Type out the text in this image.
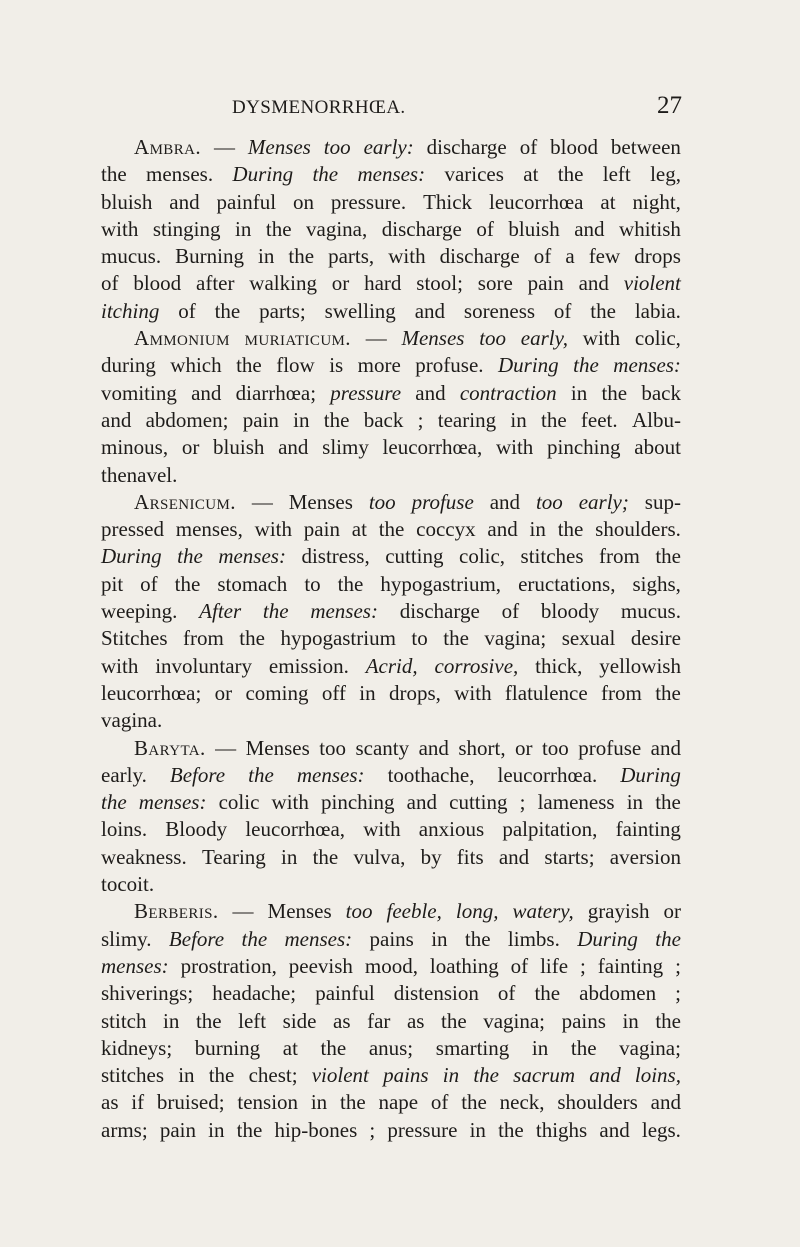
DYSMENORRHŒA.	27
Ambra. — Menses too early: discharge of blood between
the menses. During the menses: varices at the left leg,
bluish and painful on pressure. Thick leucorrhœa at night,
with stinging in the vagina, discharge of bluish and whitish
mucus. Burning in the parts, with discharge of a few drops
of blood after walking or hard stool; sore pain and violent
itching of the parts; swelling and soreness of the labia.
Ammonium muriaticum. — Menses too early, with colic,
during which the flow is more profuse. During the menses:
vomiting and diarrhœa; pressure and contraction in the back
and abdomen; pain in the back ; tearing in the feet. Albu-
minous, or bluish and slimy leucorrhœa, with pinching about
the navel.
Arsenicum. — Menses too profuse and too early; sup-
pressed menses, with pain at the coccyx and in the shoulders.
During the menses: distress, cutting colic, stitches from the
pit of the stomach to the hypogastrium, eructations, sighs,
weeping. After the menses: discharge of bloody mucus.
Stitches from the hypogastrium to the vagina; sexual desire
with involuntary emission. Acrid, corrosive, thick, yellowish
leucorrhœa; or coming off in drops, with flatulence from the
vagina.
Baryta. — Menses too scanty and short, or too profuse and
early. Before the menses: toothache, leucorrhœa. During
the menses: colic with pinching and cutting ; lameness in the
loins. Bloody leucorrhœa, with anxious palpitation, fainting
weakness. Tearing in the vulva, by fits and starts; aversion
to coit.
Berberis. — Menses too feeble, long, watery, grayish or
slimy. Before the menses: pains in the limbs. During the
menses: prostration, peevish mood, loathing of life ; fainting ;
shiverings; headache; painful distension of the abdomen ;
stitch in the left side as far as the vagina; pains in the
kidneys; burning at the anus; smarting in the vagina;
stitches in the chest; violent pains in the sacrum and loins,
as if bruised; tension in the nape of the neck, shoulders and
arms; pain in the hip-bones ; pressure in the thighs and legs.
